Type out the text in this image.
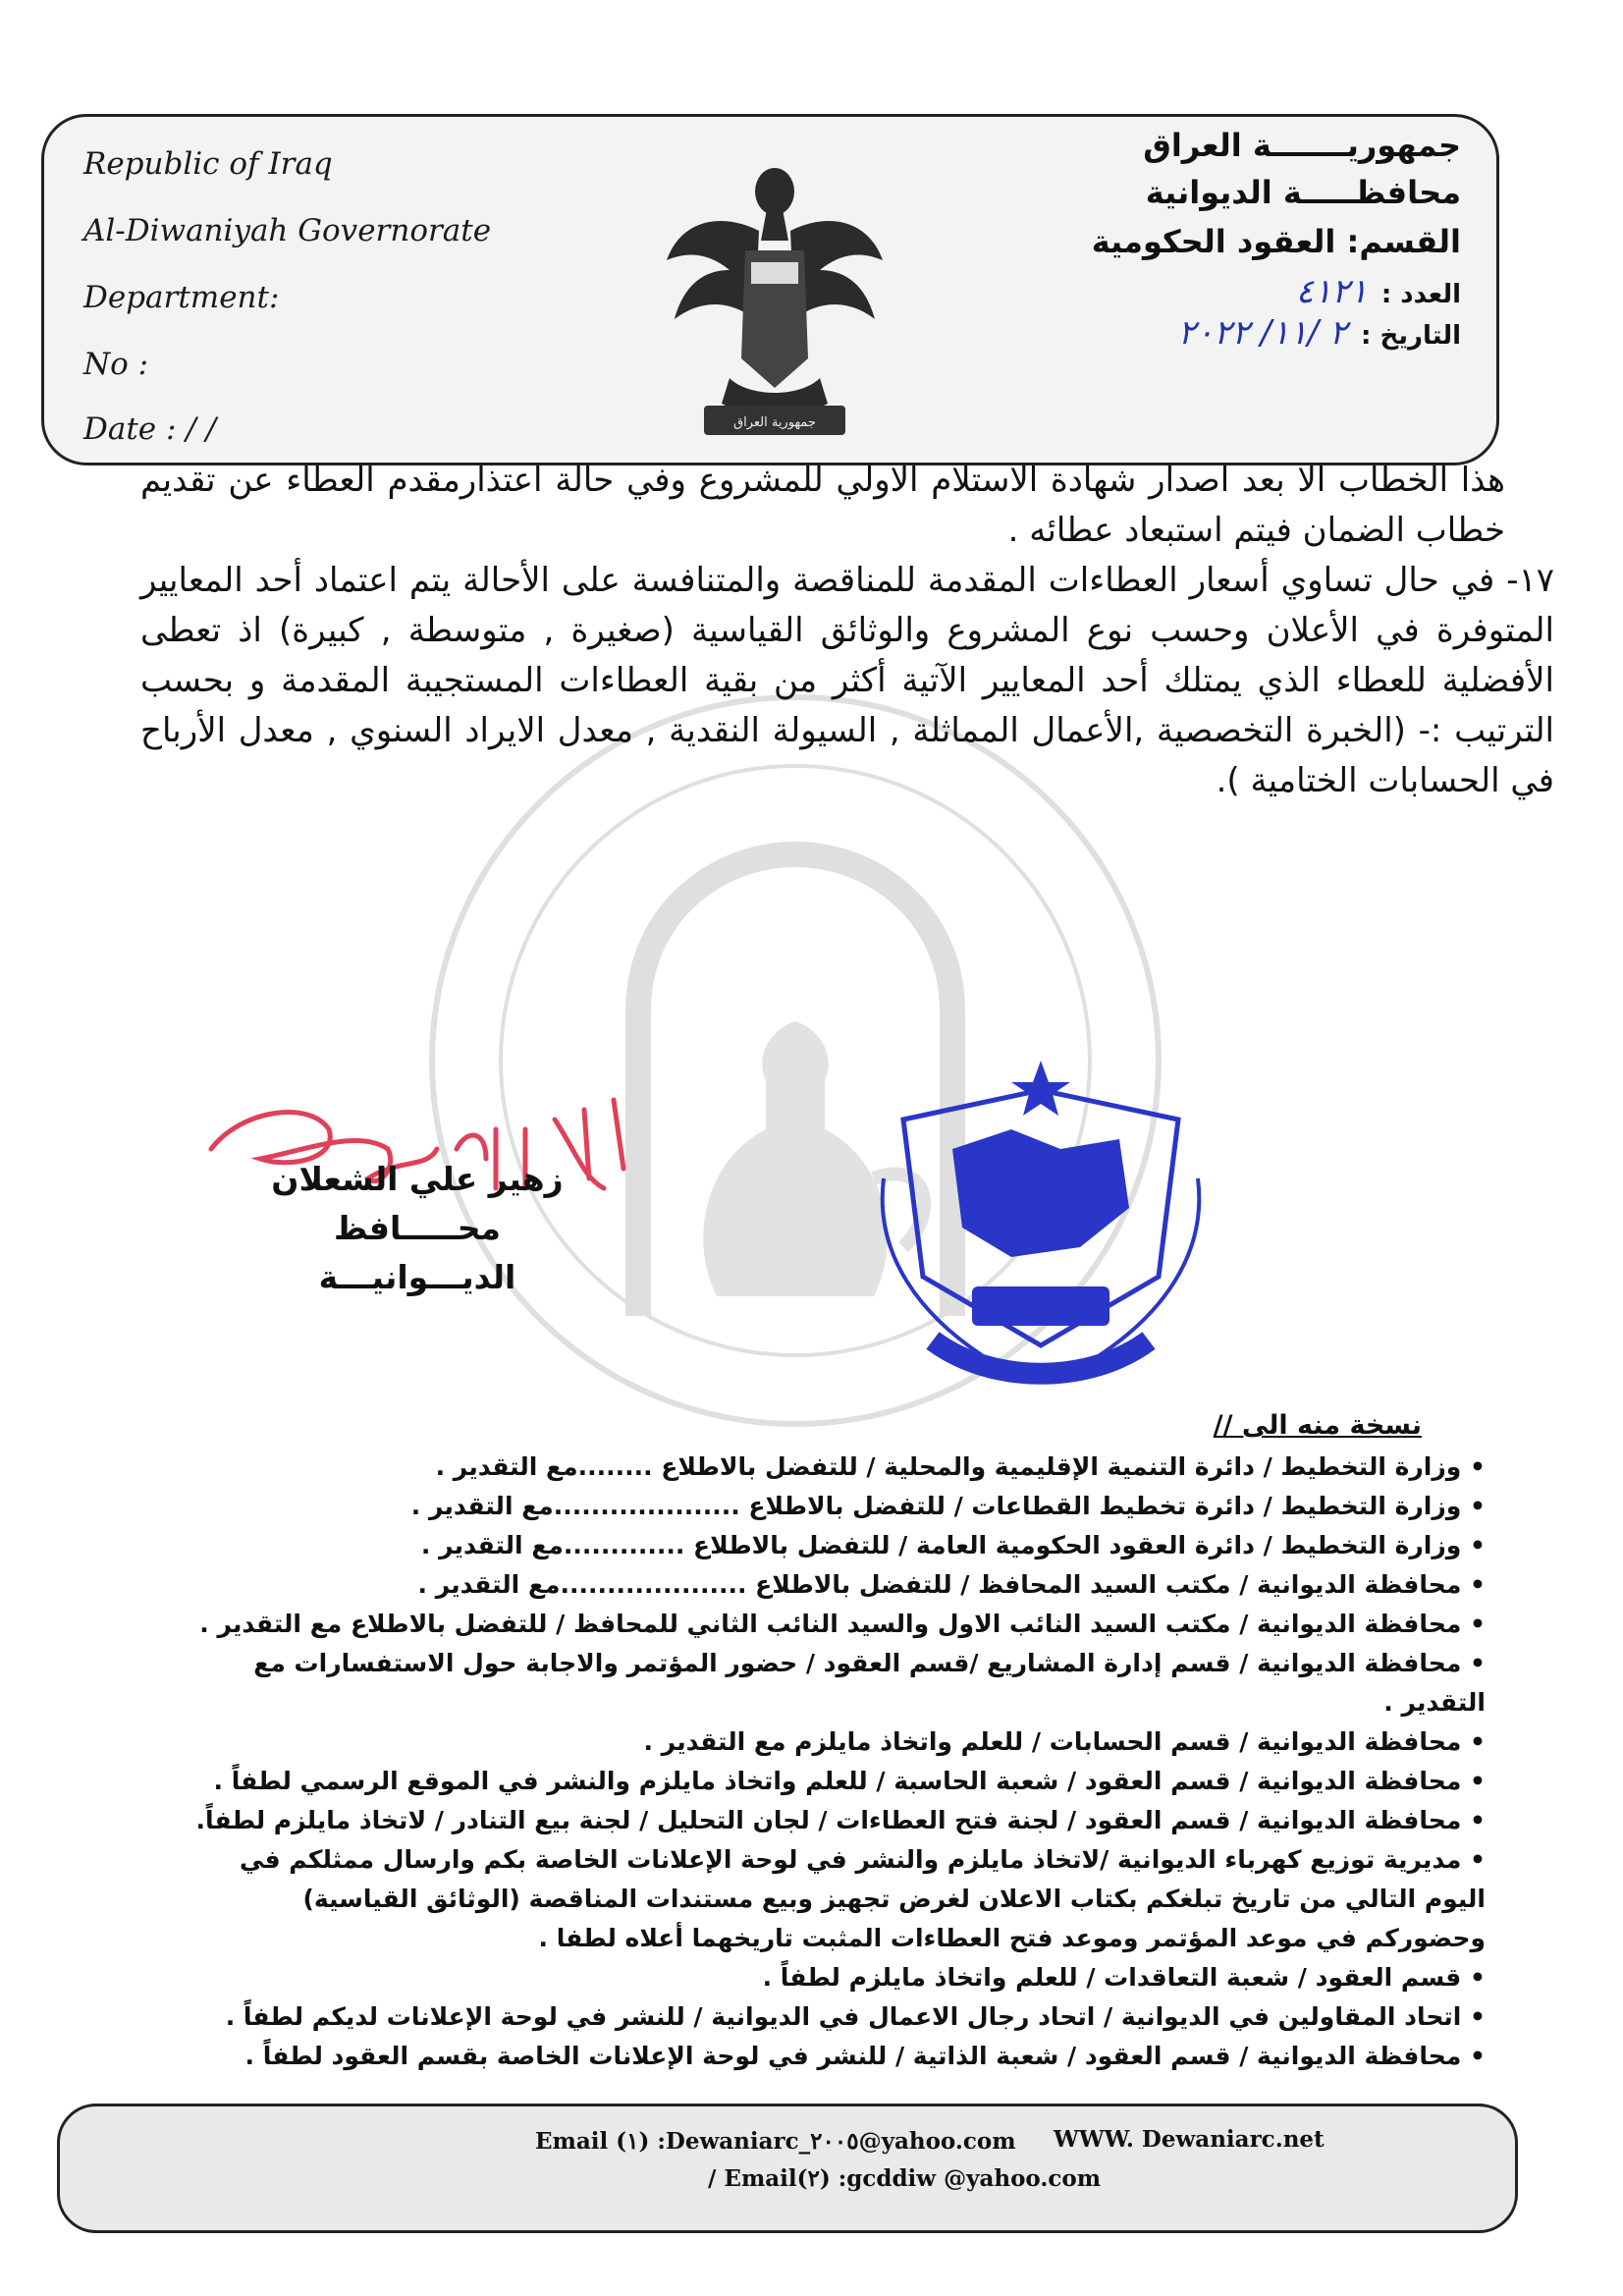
Republic of Iraq
Al-Diwaniyah Governorate
Department:
No :
Date : / /	جمهورية العراق
جمهوريـــــــة العراق
محافظـــــة الديوانية
القسم: العقود الحكومية
العدد :٤١٢١
التاريخ :٢ /١١/ ٢٠٢٢

هذا الخطاب الا بعد اصدار شهادة الاستلام الاولي للمشروع وفي حالة اعتذارمقدم العطاء عن تقديم خطاب الضمان فيتم استبعاد عطائه .

١٧- في حال تساوي أسعار العطاءات المقدمة للمناقصة والمتنافسة على الأحالة يتم اعتماد أحد المعايير المتوفرة في الأعلان وحسب نوع المشروع والوثائق القياسية (صغيرة , متوسطة , كبيرة) اذ تعطى الأفضلية للعطاء الذي يمتلك أحد المعايير الآتية أكثر من بقية العطاءات المستجيبة المقدمة و بحسب الترتيب :- (الخبرة التخصصية ,الأعمال المماثلة , السيولة النقدية , معدل الايراد السنوي , معدل الأرباح في الحسابات الختامية ).

زهير علي الشعلان
محـــــافظ الديـــوانيـــة
نسخة منه الى //
• وزارة التخطيط / دائرة التنمية الإقليمية والمحلية / للتفضل بالاطلاع ........مع التقدير .
• وزارة التخطيط / دائرة تخطيط القطاعات / للتفضل بالاطلاع ....................مع التقدير .
• وزارة التخطيط / دائرة العقود الحكومية العامة / للتفضل بالاطلاع .............مع التقدير .
• محافظة الديوانية / مكتب السيد المحافظ / للتفضل بالاطلاع ....................مع التقدير .
• محافظة الديوانية / مكتب السيد النائب الاول والسيد النائب الثاني للمحافظ / للتفضل بالاطلاع مع التقدير .
• محافظة الديوانية / قسم إدارة المشاريع /قسم العقود / حضور المؤتمر والاجابة حول الاستفسارات مع التقدير .
• محافظة الديوانية / قسم الحسابات / للعلم واتخاذ مايلزم مع التقدير .
• محافظة الديوانية / قسم العقود / شعبة الحاسبة / للعلم واتخاذ مايلزم والنشر في الموقع الرسمي لطفاً .
• محافظة الديوانية / قسم العقود / لجنة فتح العطاءات / لجان التحليل / لجنة بيع التنادر / لاتخاذ مايلزم لطفاً.
• مديرية توزيع كهرباء الديوانية /لاتخاذ مايلزم والنشر في لوحة الإعلانات الخاصة بكم وارسال ممثلكم في اليوم التالي من تاريخ تبلغكم بكتاب الاعلان لغرض تجهيز وبيع مستندات المناقصة (الوثائق القياسية) وحضوركم في موعد المؤتمر وموعد فتح العطاءات المثبت تاريخهما أعلاه لطفا .
• قسم العقود / شعبة التعاقدات / للعلم واتخاذ مايلزم لطفاً .
• اتحاد المقاولين في الديوانية / اتحاد رجال الاعمال في الديوانية / للنشر في لوحة الإعلانات لديكم لطفاً .
• محافظة الديوانية / قسم العقود / شعبة الذاتية / للنشر في لوحة الإعلانات الخاصة بقسم العقود لطفاً .
Email (١) :Dewaniarc_٢٠٠٥@yahoo.com WWW. Dewaniarc.net
/ Email(٢) :gcddiw @yahoo.com
